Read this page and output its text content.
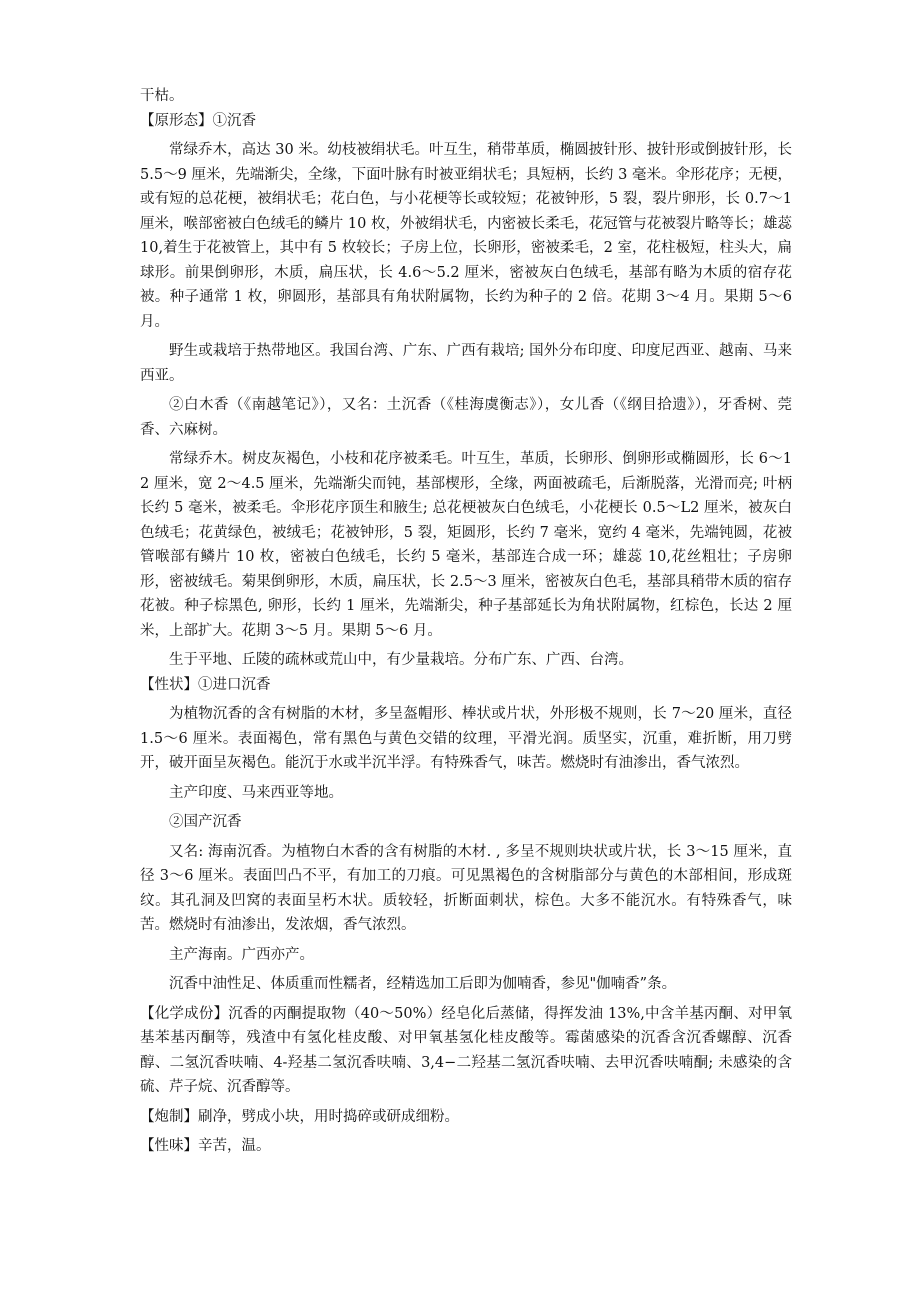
干枯。

【原形态】①沉香

常绿乔木，高达 30 米。幼枝被绢状毛。叶互生，稍带革质，椭圆披针形、披针形或倒披针形，长 5.5～9 厘米，先端渐尖，全缘，下面叶脉有时被亚绢状毛；具短柄，长约 3 毫米。伞形花序；无梗，或有短的总花梗，被绢状毛；花白色，与小花梗等长或较短；花被钟形，5 裂，裂片卵形，长 0.7～1 厘米，喉部密被白色绒毛的鳞片 10 枚，外被绢状毛，内密被长柔毛，花冠管与花被裂片略等长；雄蕊 10,着生于花被管上，其中有 5 枚较长；子房上位，长卵形，密被柔毛，2 室，花柱极短，柱头大，扁球形。前果倒卵形，木质，扁压状，长 4.6～5.2 厘米，密被灰白色绒毛，基部有略为木质的宿存花被。种子通常 1 枚，卵圆形，基部具有角状附属物，长约为种子的 2 倍。花期 3～4 月。果期 5～6 月。

野生或栽培于热带地区。我国台湾、广东、广西有栽培; 国外分布印度、印度尼西亚、越南、马来西亚。

②白木香（《南越笔记》），又名：土沉香（《桂海虞衡志》），女儿香（《纲目拾遗》），牙香树、莞香、六麻树。

常绿乔木。树皮灰褐色，小枝和花序被柔毛。叶互生，革质，长卵形、倒卵形或椭圆形，长 6～12 厘米，宽 2～4.5 厘米，先端渐尖而钝，基部楔形，全缘，两面被疏毛，后渐脱落，光滑而亮; 叶柄长约 5 毫米，被柔毛。伞形花序顶生和腋生; 总花梗被灰白色绒毛，小花梗长 0.5～L2 厘米，被灰白色绒毛；花黄绿色，被绒毛；花被钟形，5 裂，矩圆形，长约 7 毫米，宽约 4 毫米，先端钝圆，花被管喉部有鳞片 10 枚，密被白色绒毛，长约 5 毫米，基部连合成一环；雄蕊 10,花丝粗壮；子房卵形，密被绒毛。菊果倒卵形，木质，扁压状，长 2.5～3 厘米，密被灰白色毛，基部具稍带木质的宿存花被。种子棕黑色, 卵形，长约 1 厘米，先端渐尖，种子基部延长为角状附属物，红棕色，长达 2 厘米，上部扩大。花期 3～5 月。果期 5～6 月。

生于平地、丘陵的疏林或荒山中，有少量栽培。分布广东、广西、台湾。

【性状】①进口沉香

为植物沉香的含有树脂的木材，多呈盔帽形、棒状或片状，外形极不规则，长 7～20 厘米，直径 1.5～6 厘米。表面褐色，常有黑色与黄色交错的纹理，平滑光润。质坚实，沉重，难折断，用刀劈开，破开面呈灰褐色。能沉于水或半沉半浮。有特殊香气，味苦。燃烧时有油渗出，香气浓烈。

主产印度、马来西亚等地。

②国产沉香

又名: 海南沉香。为植物白木香的含有树脂的木材. , 多呈不规则块状或片状，长 3～15 厘米，直径 3～6 厘米。表面凹凸不平，有加工的刀痕。可见黑褐色的含树脂部分与黄色的木部相间，形成斑纹。其孔洞及凹窝的表面呈朽木状。质较轻，折断面刺状，棕色。大多不能沉水。有特殊香气，味苦。燃烧时有油渗出，发浓烟，香气浓烈。

主产海南。广西亦产。

沉香中油性足、体质重而性糯者，经精选加工后即为伽喃香，参见"伽喃香”条。

【化学成份】沉香的丙酮提取物（40～50%）经皂化后蒸储，得挥发油 13%,中含羊基丙酮、对甲氧基苯基丙酮等，残渣中有氢化桂皮酸、对甲氧基氢化桂皮酸等。霉菌感染的沉香含沉香螺醇、沉香醇、二氢沉香呋喃、4-羟基二氢沉香呋喃、3,4−二羟基二氢沉香呋喃、去甲沉香呋喃酮; 未感染的含硫、芹子烷、沉香醇等。

【炮制】刷净，劈成小块，用时捣碎或研成细粉。

【性味】辛苦，温。
